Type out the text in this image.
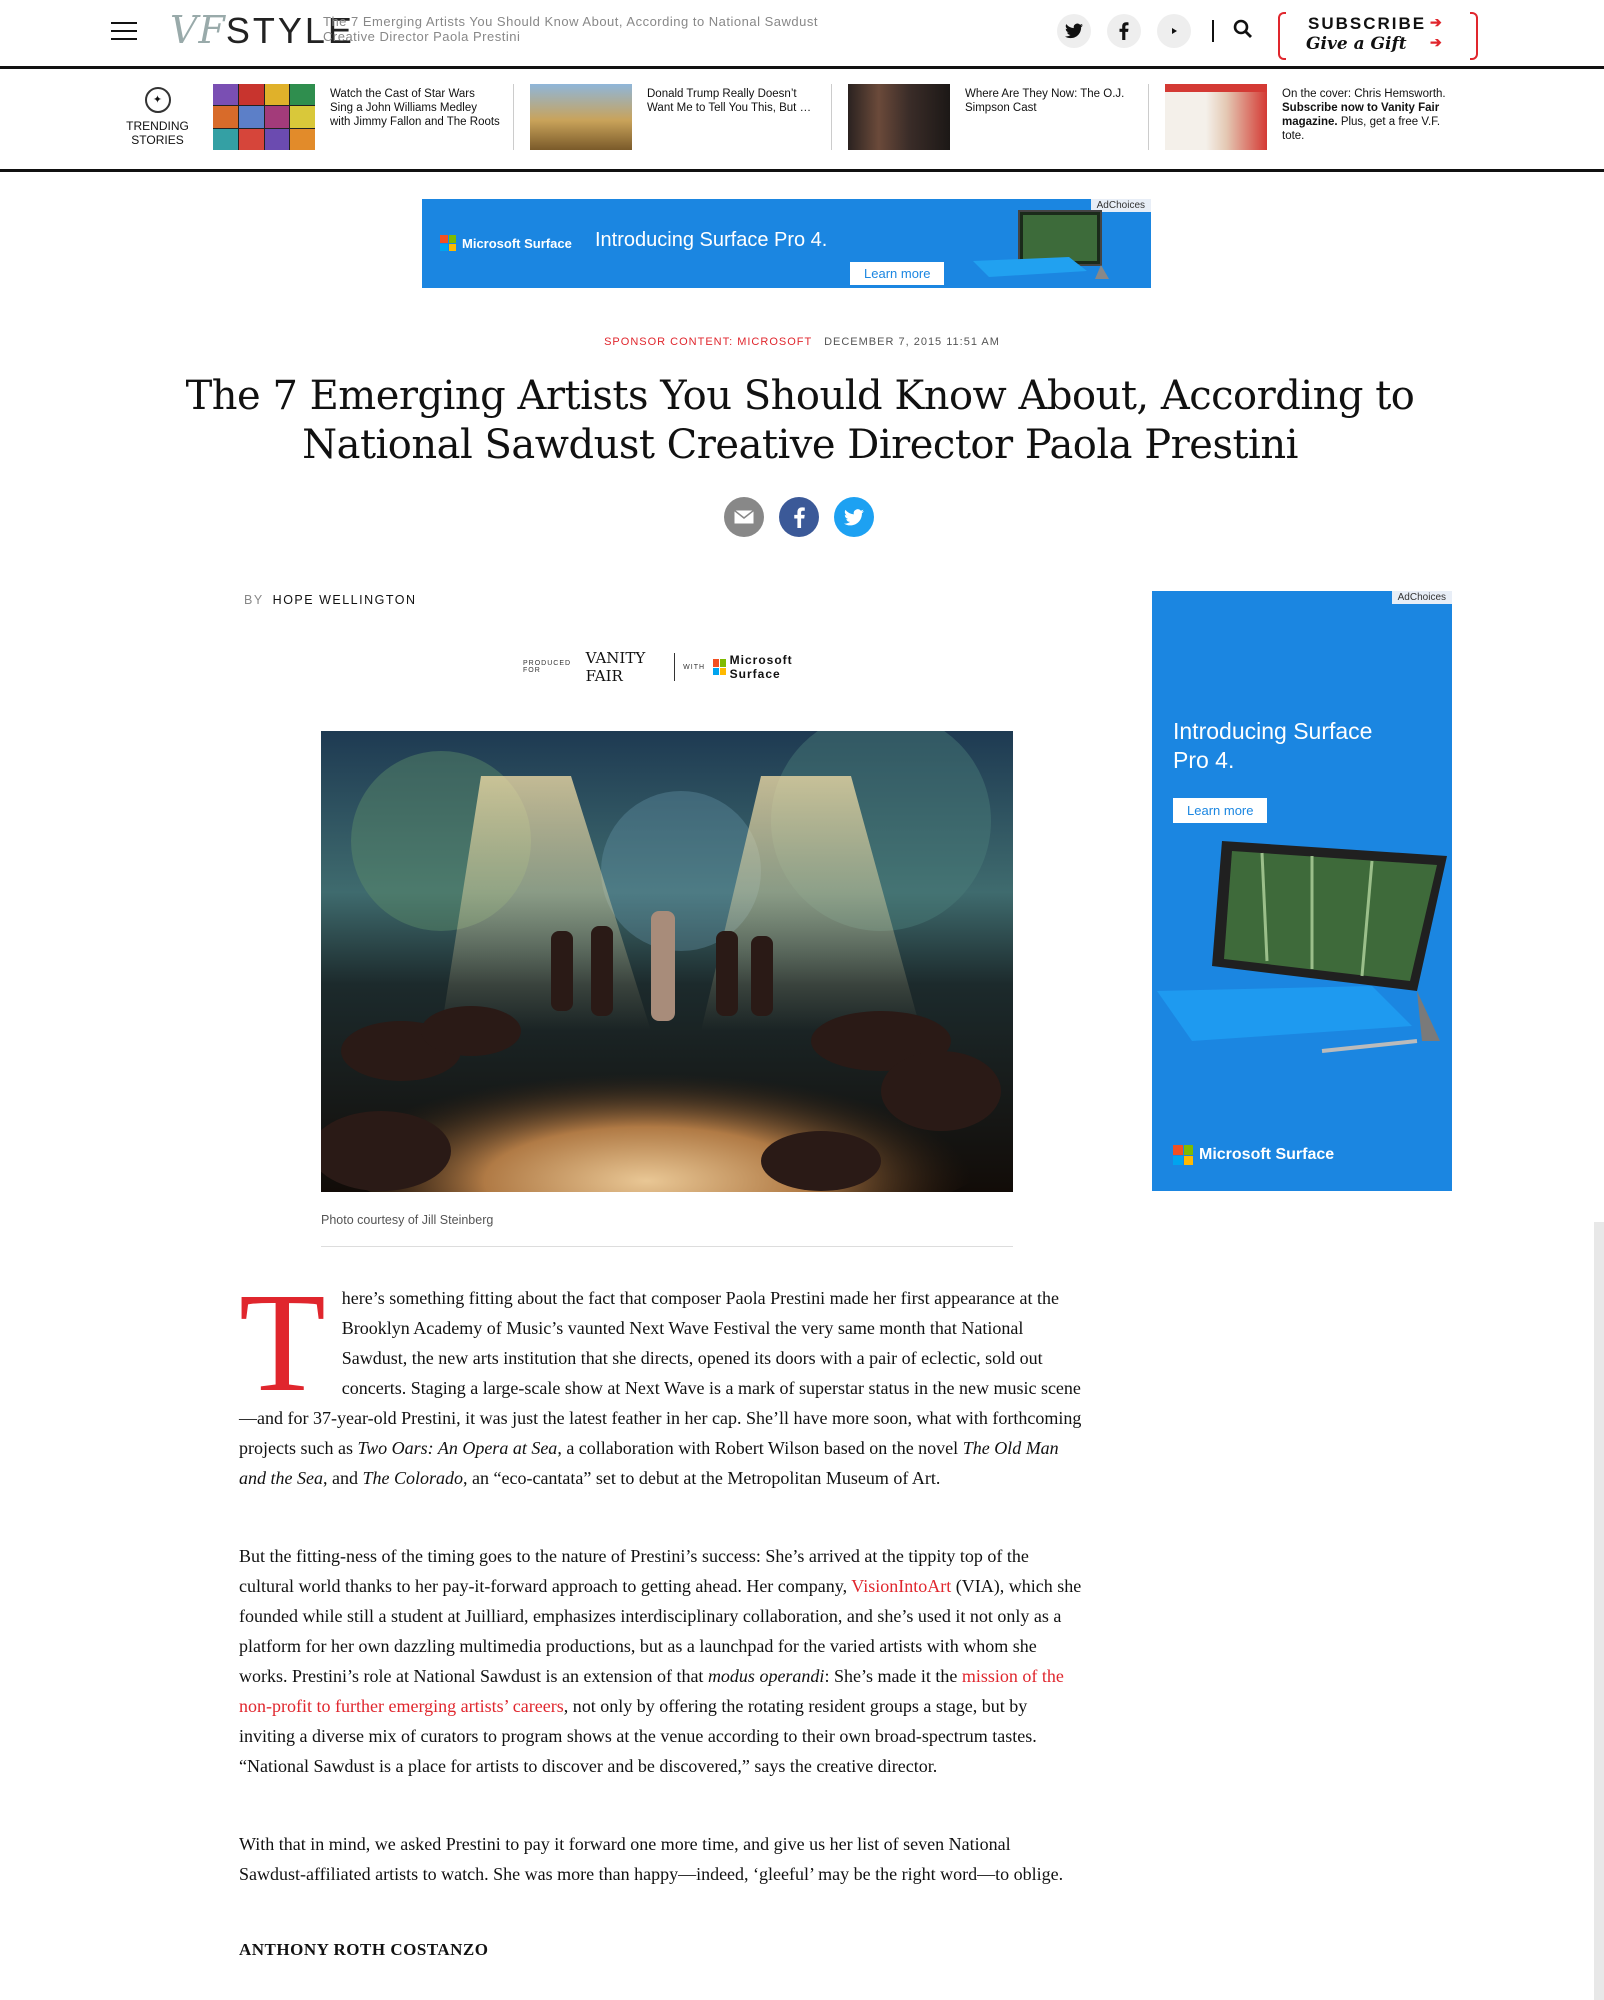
VFSTYLE
The 7 Emerging Artists You Should Know About, According to National Sawdust Creative Director Paola Prestini
SUBSCRIBE
Give a Gift
➔
➔
✦
TRENDING
STORIES
Watch the Cast of Star Wars Sing a John Williams Medley with Jimmy Fallon and The Roots
Donald Trump Really Doesn’t Want Me to Tell You This, But …
Where Are They Now: The O.J. Simpson Cast
On the cover: Chris Hemsworth. Subscribe now to Vanity Fair magazine. Plus, get a free V.F. tote.
AdChoices
Microsoft Surface Introducing Surface Pro 4.
Learn more
SPONSOR CONTENT: MICROSOFT DECEMBER 7, 2015 11:51 AM
The 7 Emerging Artists You Should Know About, According to National Sawdust Creative Director Paola Prestini
BY HOPE WELLINGTON
PRODUCED FOR
VANITY FAIR	WITH Microsoft Surface
Photo courtesy of Jill Steinberg
There’s something fitting about the fact that composer Paola Prestini made her first appearance at the Brooklyn Academy of Music’s vaunted Next Wave Festival the very same month that National Sawdust, the new arts institution that she directs, opened its doors with a pair of eclectic, sold out concerts. Staging a large-scale show at Next Wave is a mark of superstar status in the new music scene—and for 37-year-old Prestini, it was just the latest feather in her cap. She’ll have more soon, what with forthcoming projects such as Two Oars: An Opera at Sea, a collaboration with Robert Wilson based on the novel The Old Man and the Sea, and The Colorado, an “eco-cantata” set to debut at the Metropolitan Museum of Art.
But the fitting-ness of the timing goes to the nature of Prestini’s success: She’s arrived at the tippity top of the cultural world thanks to her pay-it-forward approach to getting ahead. Her company, VisionIntoArt (VIA), which she founded while still a student at Juilliard, emphasizes interdisciplinary collaboration, and she’s used it not only as a platform for her own dazzling multimedia productions, but as a launchpad for the varied artists with whom she works. Prestini’s role at National Sawdust is an extension of that modus operandi: She’s made it the mission of the non-profit to further emerging artists’ careers, not only by offering the rotating resident groups a stage, but by inviting a diverse mix of curators to program shows at the venue according to their own broad-spectrum tastes. “National Sawdust is a place for artists to discover and be discovered,” says the creative director.
With that in mind, we asked Prestini to pay it forward one more time, and give us her list of seven National Sawdust-affiliated artists to watch. She was more than happy—indeed, ‘gleeful’ may be the right word—to oblige.
ANTHONY ROTH COSTANZO
AdChoices
Introducing Surface Pro 4.
Learn more
Microsoft Surface
